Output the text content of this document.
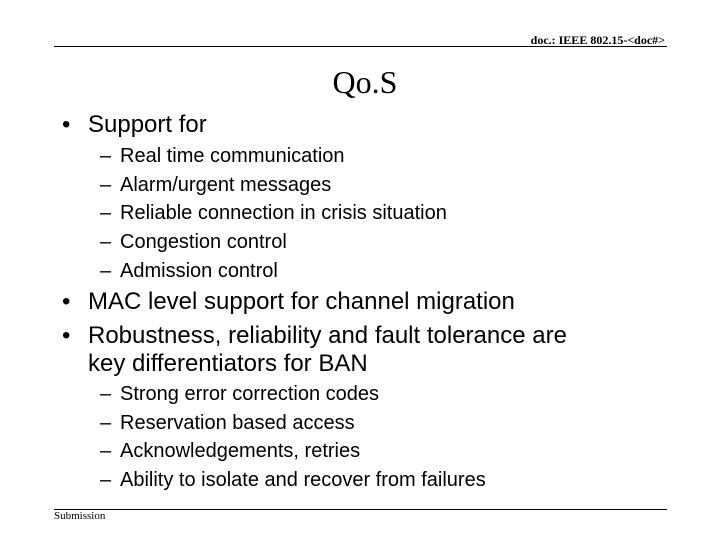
doc.: IEEE 802.15-<doc#>
Qo.S
• Support for
– Real time communication
– Alarm/urgent messages
– Reliable connection in crisis situation
– Congestion control
– Admission control
• MAC level support for channel migration
• Robustness, reliability and fault tolerance are
key differentiators for BAN
– Strong error correction codes
– Reservation based access
– Acknowledgements, retries
– Ability to isolate and recover from failures
Submission
